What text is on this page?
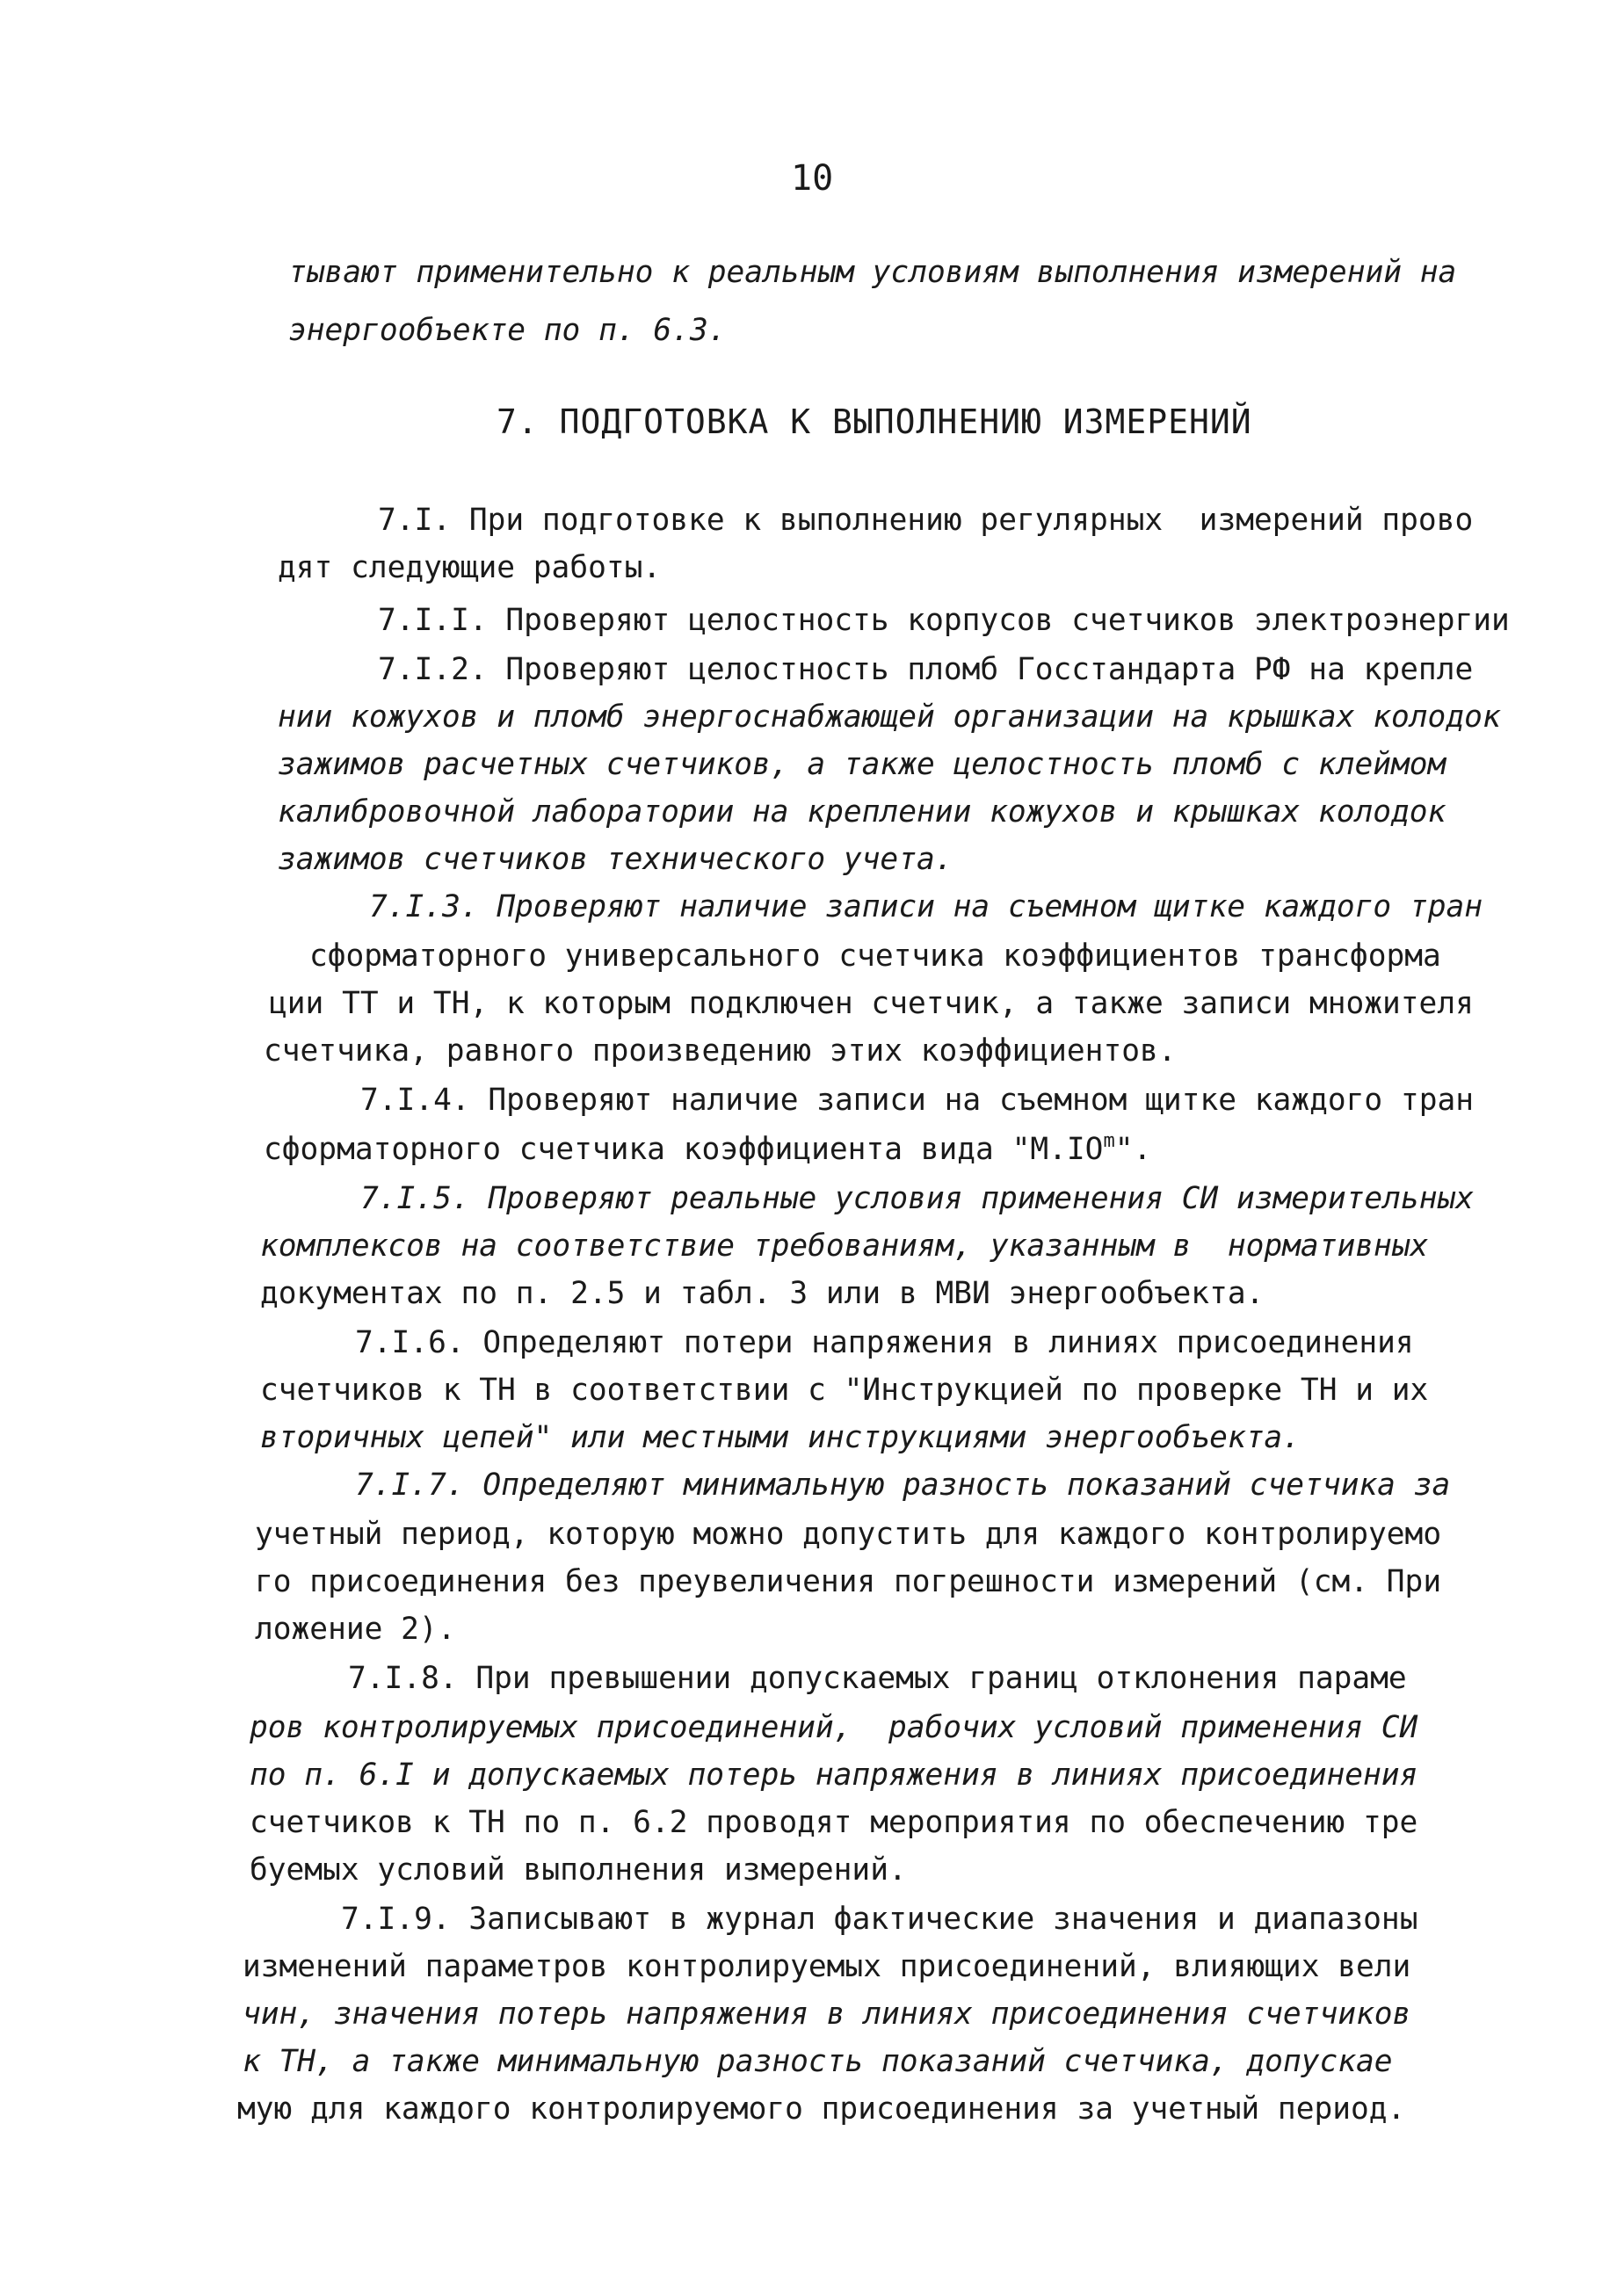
10
тывают применительно к реальным условиям выполнения измерений на
энергообъекте по п. 6.3.
7. ПОДГОТОВКА К ВЫПОЛНЕНИЮ ИЗМЕРЕНИЙ
7.I. При подготовке к выполнению регулярных  измерений прово
дят следующие работы.
7.I.I. Проверяют целостность корпусов счетчиков электроэнергии
7.I.2. Проверяют целостность пломб Госстандарта РФ на крепле
нии кожухов и пломб энергоснабжающей организации на крышках колодок
зажимов расчетных счетчиков, а также целостность пломб с клеймом
калибровочной лаборатории на креплении кожухов и крышках колодок
зажимов счетчиков технического учета.
7.I.3. Проверяют наличие записи на съемном щитке каждого тран
сформаторного универсального счетчика коэффициентов трансформа
ции ТТ и ТН, к которым подключен счетчик, а также записи множителя
счетчика, равного произведению этих коэффициентов.
7.I.4. Проверяют наличие записи на съемном щитке каждого тран
сформаторного счетчика коэффициента вида "$М.IO^m$".
7.I.5. Проверяют реальные условия применения СИ измерительных
комплексов на соответствие требованиям, указанным в  нормативных
документах по п. 2.5 и табл. 3 или в МВИ энергообъекта.
7.I.6. Определяют потери напряжения в линиях присоединения
счетчиков к ТН в соответствии с "Инструкцией по проверке ТН и их
вторичных цепей" или местными инструкциями энергообъекта.
7.I.7. Определяют минимальную разность показаний счетчика за
учетный период, которую можно допустить для каждого контролируемо
го присоединения без преувеличения погрешности измерений (см. При
ложение 2).
7.I.8. При превышении допускаемых границ отклонения параме
ров контролируемых присоединений,  рабочих условий применения СИ
по п. 6.I и допускаемых потерь напряжения в линиях присоединения
счетчиков к ТН по п. 6.2 проводят мероприятия по обеспечению тре
буемых условий выполнения измерений.
7.I.9. Записывают в журнал фактические значения и диапазоны
изменений параметров контролируемых присоединений, влияющих вели
чин, значения потерь напряжения в линиях присоединения счетчиков
к ТН, а также минимальную разность показаний счетчика, допускае
мую для каждого контролируемого присоединения за учетный период.
